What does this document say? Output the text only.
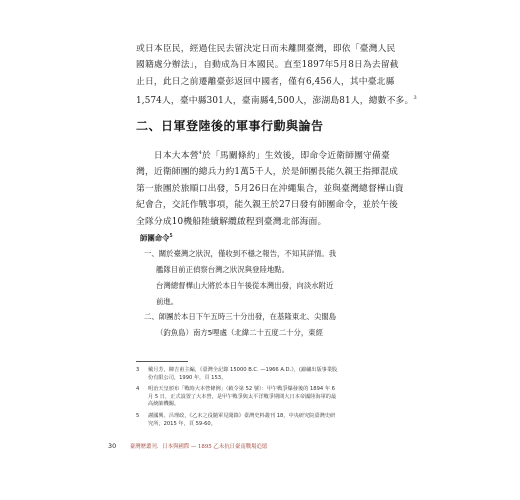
或日本臣民，經過住民去留決定日而未離開臺灣，即依「臺灣人民
國籍處分辦法」，自動成為日本國民。直至1897年5月8日為去留截
止日，此日之前遷離臺彭返回中國者，僅有6,456人，其中臺北縣
1,574人，臺中縣301人，臺南縣4,500人，澎湖島81人，總數不多。$^3$
二、日軍登陸後的軍事行動與論告
　　日本大本營$^4$於「馬關條約」生效後，即命令近衛師團守備臺
灣，近衛師團的總兵力約1萬5千人，於是師團長能久親王指揮混成
第一旅團於旅順口出發，5月26日在沖繩集合，並與臺灣總督樺山資
紀會合，交託作戰事項，能久親王於27日發有師團命令，並於午後
全隊分成10機船陸續解纜啟程到臺灣北部海面。
師團命令$^5$
一、關於臺灣之狀況，僅收到不穩之報告，不知其詳情。我
艦隊目前正偵察台灣之狀況與登陸地點。
台灣總督樺山大將於本日午後從本灣出發，向淡水附近
前進。
二、師團於本日下午五時三十分出發，在基隆東北、尖閣島
（釣魚島）南方5哩處（北緯二十五度二十分，東經
3 戴月芳，陳吉甫主編，《臺灣全記錄 15000 B.C. —1966 A.D.》，(錦繡出版事業股
份有限公司，1990 年，頁 153。
4 明治天皇頒布「戰時大本營條例」（敕令第 52 號）：甲午戰爭爆發後的 1894 年 6
月 5 日，正式設置了大本營，是甲午戰爭與太平洋戰爭期間大日本帝國陸海軍的最
高統帥機關。
5 謝國興、呂理政，《乙未之役隨軍見聞錄》臺灣史料叢刊 18，中央研究院臺灣史研
究所，2015 年，頁 59-60。
30	臺灣歷叢刊．日本與國際 — 1895 乙未抗日臺南戰場追憶
